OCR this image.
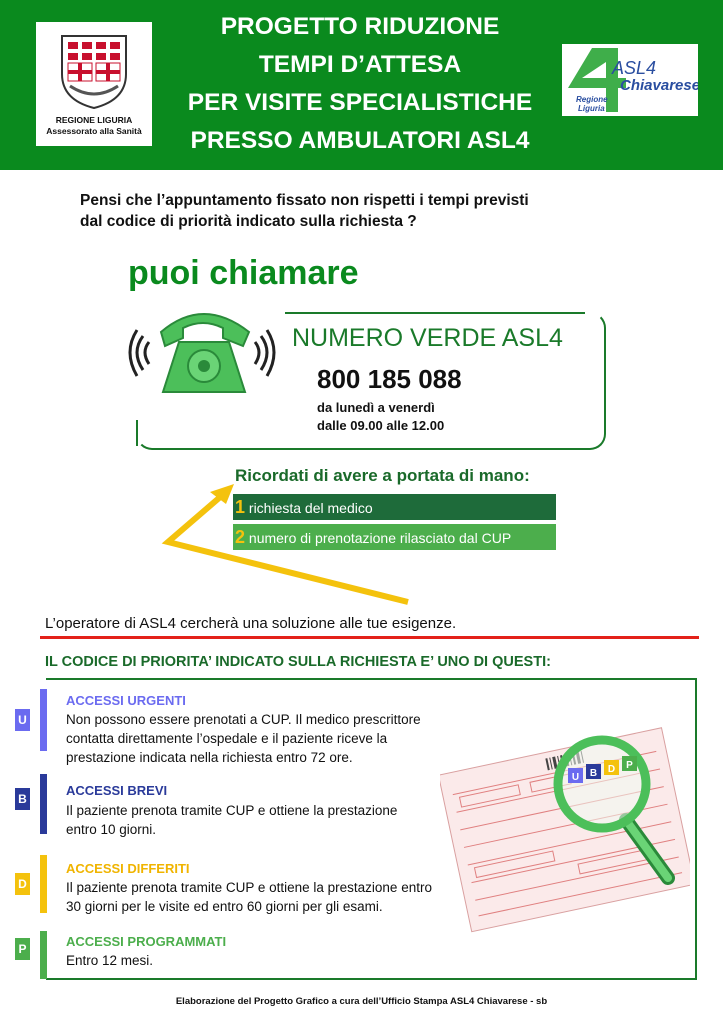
REGIONE LIGURIA
Assessorato alla Sanità
PROGETTO RIDUZIONE
TEMPI D’ATTESA
PER VISITE SPECIALISTICHE
PRESSO AMBULATORI ASL4
ASL4
Chiavarese
Regione
Liguria
Pensi che l’appuntamento fissato non rispetti i tempi previsti dal codice di priorità indicato sulla richiesta ?
puoi chiamare
NUMERO VERDE ASL4
800 185 088
da lunedì a venerdì
dalle 09.00 alle 12.00
Ricordati di avere a portata di mano:
1 richiesta del medico
2 numero di prenotazione rilasciato dal CUP
L’operatore di ASL4 cercherà una soluzione alle tue esigenze.
IL CODICE DI PRIORITA’ INDICATO SULLA RICHIESTA E’ UNO DI QUESTI:
U
ACCESSI URGENTI
Non possono essere prenotati a CUP. Il medico prescrittore contatta direttamente l’ospedale e il paziente riceve la prestazione indicata nella richiesta entro 72 ore.
B
ACCESSI BREVI
Il paziente prenota tramite CUP e ottiene la prestazione entro 10 giorni.
D
ACCESSI DIFFERITI
Il paziente prenota tramite CUP e ottiene la prestazione entro 30 giorni per le visite ed entro 60 giorni per gli esami.
P	ACCESSI PROGRAMMATI
Entro 12 mesi.
U B D P
Elaborazione del Progetto Grafico a cura dell’Ufficio Stampa ASL4 Chiavarese - sb
